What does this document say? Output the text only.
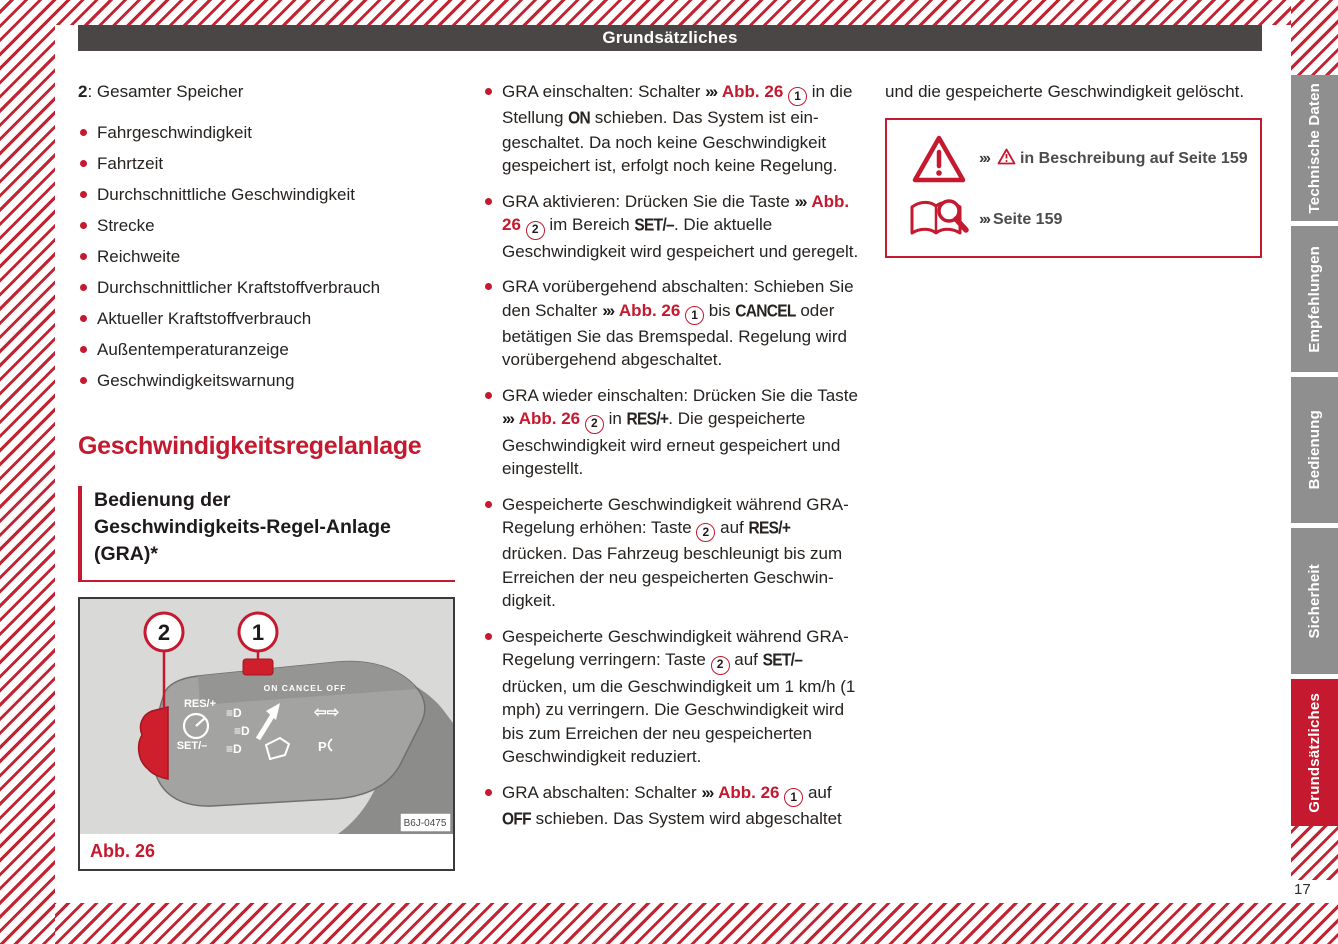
Grundsätzliches

2: Gesamter Speicher

Fahrgeschwindigkeit
Fahrtzeit
Durchschnittliche Geschwindigkeit
Strecke
Reichweite
Durchschnittlicher Kraftstoffverbrauch
Aktueller Kraftstoffverbrauch
Außentemperaturanzeige
Geschwindigkeitswarnung
Geschwindigkeitsregelanlage
Bedienung der Geschwindigkeits-Regel-Anlage (GRA)*
2	1
RES/+
SET/–
ON CANCEL OFF
≡D
≡D
≡D
⇦⇨
P
B6J-0475
Abb. 26
GRA einschalten: Schalter ››› Abb. 26 1 in die Stellung ON schieben. Das System ist eingeschaltet. Da noch keine Geschwindigkeit gespeichert ist, erfolgt noch keine Regelung.
GRA aktivieren: Drücken Sie die Taste ››› Abb. 26 2 im Bereich SET/–. Die aktuelle Geschwindigkeit wird gespeichert und geregelt.
GRA vorübergehend abschalten: Schieben Sie den Schalter ››› Abb. 26 1 bis CANCEL oder betätigen Sie das Bremspedal. Regelung wird vorübergehend abgeschaltet.
GRA wieder einschalten: Drücken Sie die Taste ››› Abb. 26 2 in RES/+. Die gespeicherte Geschwindigkeit wird erneut gespeichert und eingestellt.
Gespeicherte Geschwindigkeit während GRA-Regelung erhöhen: Taste 2 auf RES/+ drücken. Das Fahrzeug beschleunigt bis zum Erreichen der neu gespeicherten Geschwindigkeit.
Gespeicherte Geschwindigkeit während GRA-Regelung verringern: Taste 2 auf SET/– drücken, um die Geschwindigkeit um 1 km/h (1 mph) zu verringern. Die Geschwindigkeit wird bis zum Erreichen der neu gespeicherten Geschwindigkeit reduziert.
GRA abschalten: Schalter ››› Abb. 26 1 auf OFF schieben. Das System wird abgeschaltet

und die gespeicherte Geschwindigkeit gelöscht.

››› in Beschreibung auf Seite 159
››› Seite 159
Technische Daten
Empfehlungen
Bedienung
Sicherheit
Grundsätzliches
17
